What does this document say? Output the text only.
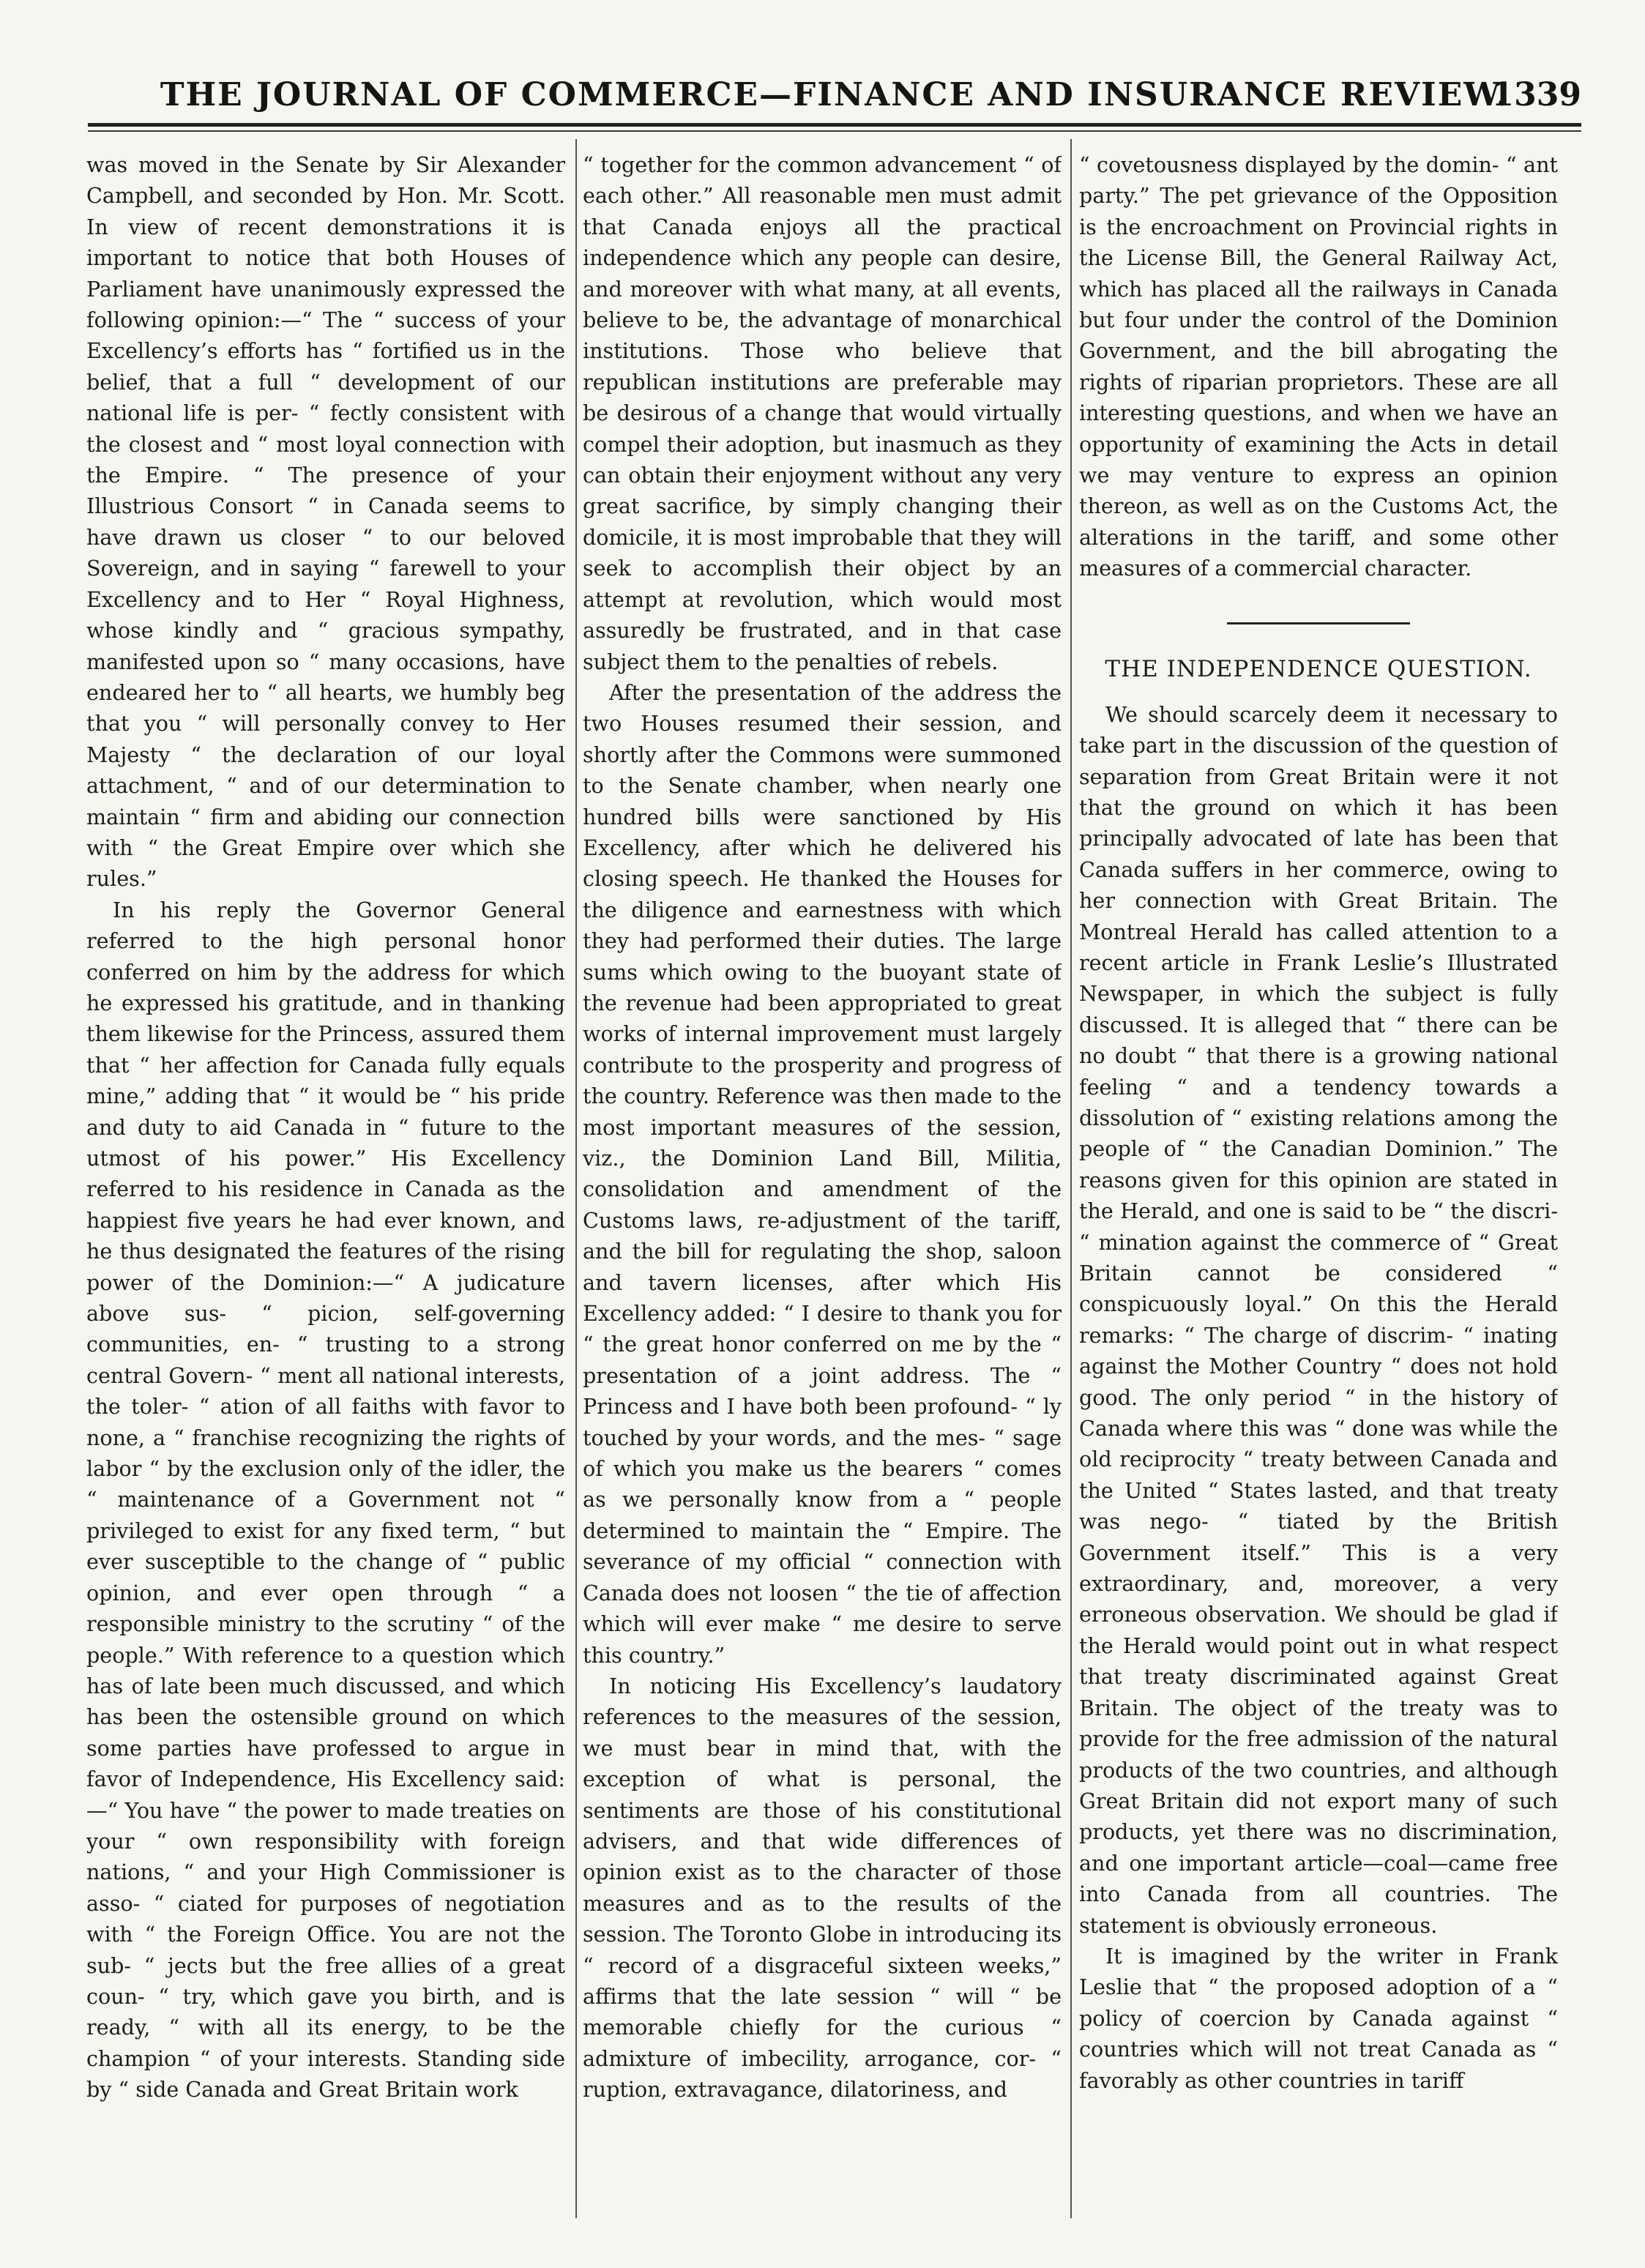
THE JOURNAL OF COMMERCE—FINANCE AND INSURANCE REVIEW.
1339

was moved in the Senate by Sir Alexander Campbell, and seconded by Hon. Mr. Scott. In view of recent demonstrations it is important to notice that both Houses of Parliament have unanimously expressed the following opinion:—“ The “ success of your Excellency’s efforts has “ fortified us in the belief, that a full “ development of our national life is per- “ fectly consistent with the closest and “ most loyal connection with the Empire. “ The presence of your Illustrious Consort “ in Canada seems to have drawn us closer “ to our beloved Sovereign, and in saying “ farewell to your Excellency and to Her “ Royal Highness, whose kindly and “ gracious sympathy, manifested upon so “ many occasions, have endeared her to “ all hearts, we humbly beg that you “ will personally convey to Her Majesty “ the declaration of our loyal attachment, “ and of our determination to maintain “ firm and abiding our connection with “ the Great Empire over which she rules.”

In his reply the Governor General referred to the high personal honor conferred on him by the address for which he expressed his gratitude, and in thanking them likewise for the Princess, assured them that “ her affection for Canada fully equals mine,” adding that “ it would be “ his pride and duty to aid Canada in “ future to the utmost of his power.” His Excellency referred to his residence in Canada as the happiest five years he had ever known, and he thus designated the features of the rising power of the Dominion:—“ A judicature above sus- “ picion, self-governing communities, en- “ trusting to a strong central Govern- “ ment all national interests, the toler- “ ation of all faiths with favor to none, a “ franchise recognizing the rights of labor “ by the exclusion only of the idler, the “ maintenance of a Government not “ privileged to exist for any fixed term, “ but ever susceptible to the change of “ public opinion, and ever open through “ a responsible ministry to the scrutiny “ of the people.” With reference to a question which has of late been much discussed, and which has been the ostensible ground on which some parties have professed to argue in favor of Independence, His Excellency said:—“ You have “ the power to made treaties on your “ own responsibility with foreign nations, “ and your High Commissioner is asso- “ ciated for purposes of negotiation with “ the Foreign Office. You are not the sub- “ jects but the free allies of a great coun- “ try, which gave you birth, and is ready, “ with all its energy, to be the champion “ of your interests. Standing side by “ side Canada and Great Britain work

“ together for the common advancement “ of each other.” All reasonable men must admit that Canada enjoys all the practical independence which any people can desire, and moreover with what many, at all events, believe to be, the advantage of monarchical institutions. Those who believe that republican institutions are preferable may be desirous of a change that would virtually compel their adoption, but inasmuch as they can obtain their enjoyment without any very great sacrifice, by simply changing their domicile, it is most improbable that they will seek to accomplish their object by an attempt at revolution, which would most assuredly be frustrated, and in that case subject them to the penalties of rebels.

After the presentation of the address the two Houses resumed their session, and shortly after the Commons were summoned to the Senate chamber, when nearly one hundred bills were sanctioned by His Excellency, after which he delivered his closing speech. He thanked the Houses for the diligence and earnestness with which they had performed their duties. The large sums which owing to the buoyant state of the revenue had been appropriated to great works of internal improvement must largely contribute to the prosperity and progress of the country. Reference was then made to the most important measures of the session, viz., the Dominion Land Bill, Militia, consolidation and amendment of the Customs laws, re-adjustment of the tariff, and the bill for regulating the shop, saloon and tavern licenses, after which His Excellency added: “ I desire to thank you for “ the great honor conferred on me by the “ presentation of a joint address. The “ Princess and I have both been profound- “ ly touched by your words, and the mes- “ sage of which you make us the bearers “ comes as we personally know from a “ people determined to maintain the “ Empire. The severance of my official “ connection with Canada does not loosen “ the tie of affection which will ever make “ me desire to serve this country.”

In noticing His Excellency’s laudatory references to the measures of the session, we must bear in mind that, with the exception of what is personal, the sentiments are those of his constitutional advisers, and that wide differences of opinion exist as to the character of those measures and as to the results of the session. The Toronto Globe in introducing its “ record of a disgraceful sixteen weeks,” affirms that the late session “ will “ be memorable chiefly for the curious “ admixture of imbecility, arrogance, cor- “ ruption, extravagance, dilatoriness, and

“ covetousness displayed by the domin- “ ant party.” The pet grievance of the Opposition is the encroachment on Provincial rights in the License Bill, the General Railway Act, which has placed all the railways in Canada but four under the control of the Dominion Government, and the bill abrogating the rights of riparian proprietors. These are all interesting questions, and when we have an opportunity of examining the Acts in detail we may venture to express an opinion thereon, as well as on the Customs Act, the alterations in the tariff, and some other measures of a commercial character.

THE INDEPENDENCE QUESTION.

We should scarcely deem it necessary to take part in the discussion of the question of separation from Great Britain were it not that the ground on which it has been principally advocated of late has been that Canada suffers in her commerce, owing to her connection with Great Britain. The Montreal Herald has called attention to a recent article in Frank Leslie’s Illustrated Newspaper, in which the subject is fully discussed. It is alleged that “ there can be no doubt “ that there is a growing national feeling “ and a tendency towards a dissolution of “ existing relations among the people of “ the Canadian Dominion.” The reasons given for this opinion are stated in the Herald, and one is said to be “ the discri- “ mination against the commerce of “ Great Britain cannot be considered “ conspicuously loyal.” On this the Herald remarks: “ The charge of discrim- “ inating against the Mother Country “ does not hold good. The only period “ in the history of Canada where this was “ done was while the old reciprocity “ treaty between Canada and the United “ States lasted, and that treaty was nego- “ tiated by the British Government itself.” This is a very extraordinary, and, moreover, a very erroneous observation. We should be glad if the Herald would point out in what respect that treaty discriminated against Great Britain. The object of the treaty was to provide for the free admission of the natural products of the two countries, and although Great Britain did not export many of such products, yet there was no discrimination, and one important article—coal—came free into Canada from all countries. The statement is obviously erroneous.

It is imagined by the writer in Frank Leslie that “ the proposed adoption of a “ policy of coercion by Canada against “ countries which will not treat Canada as “ favorably as other countries in tariff
